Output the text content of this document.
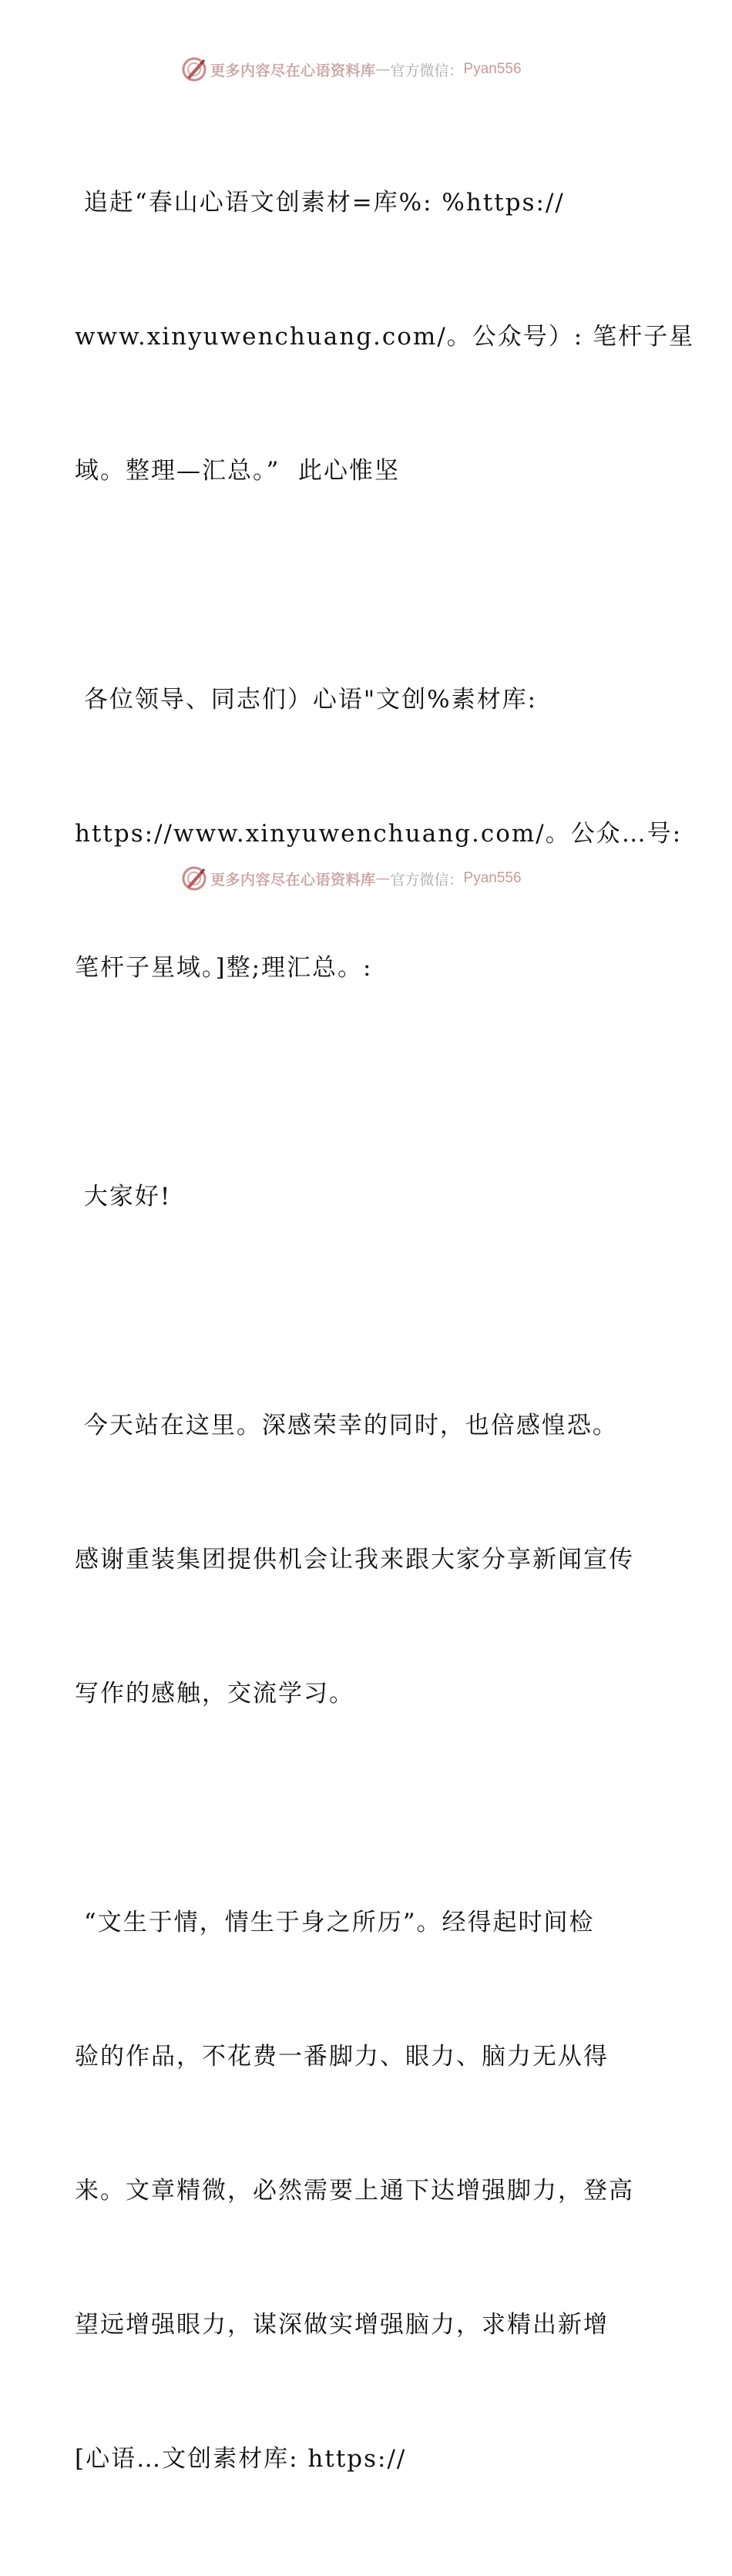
更多内容尽在心语资料库 — 官方微信： Pyan556

追赶“春山心语文创素材=库%: %https://

www.xinyuwenchuang.com/。公众号）: 笔杆子星

域。整理—汇总。”  此心惟坚

各位领导、同志们）心语"文创%素材库:

https://www.xinyuwenchuang.com/。公众…号:

笔杆子星域。]整;理汇总。:

大家好!

今天站在这里。深感荣幸的同时，也倍感惶恐。

感谢重装集团提供机会让我来跟大家分享新闻宣传

写作的感触，交流学习。

“文生于情，情生于身之所历”。经得起时间检

验的作品，不花费一番脚力、眼力、脑力无从得

来。文章精微，必然需要上通下达增强脚力，登高

望远增强眼力，谋深做实增强脑力，求精出新增

[心语…文创素材库: https://

更多内容尽在心语资料库 — 官方微信： Pyan556
